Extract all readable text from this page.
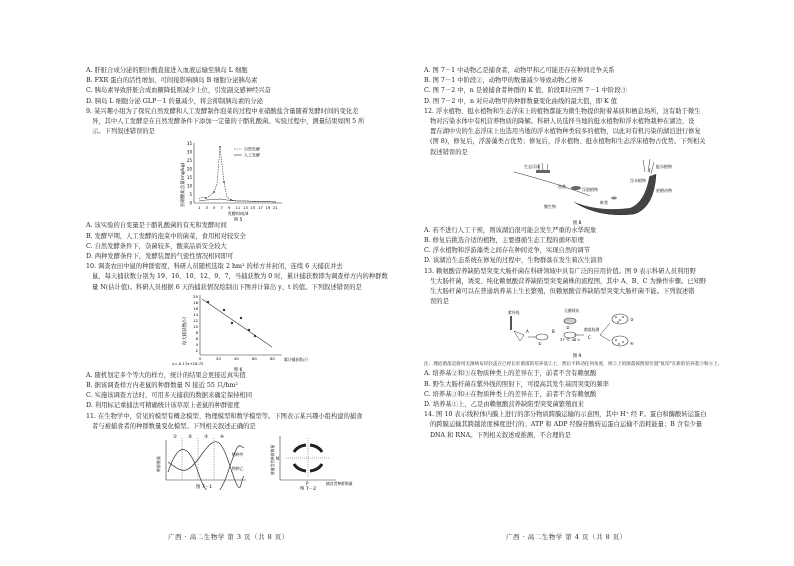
A. 肝脏合成分泌的胆汁酸直接进入血液运输至胰岛 L 细胞
B. FXR 蛋白的活性增加，可间接影响胰岛 B 细胞分泌胰岛素
C. 胰岛素导致肝脏合成血糖降低则减少上位，引发副交感神经兴奋
D. 胰岛 L 细胞分泌 GLP－1 的量减少，将会抑制胰岛素的分泌
9. 某兴趣小组为了探究自然发酵和人工发酵制作泡菜的过程中亚硝酸盐含量随着发酵时间的变化差
异，其中人工发酵是在自然发酵条件下添加一定量的干酪乳酸菌。实验过程中，测量结果如图 5 所
示。下列叙述错误的是
亚硝酸盐含量(mg/kg)
35
30
25
20
15
10
5
0
1 3 5 7 9 11 13 15 17 19 21
发酵时间/d
自然发酵
人工发酵
图 5
A. 该实验的自变量是干酪乳酸菌的有无和发酵时间
B. 发酵早期，人工发酵的泡菜中的菌菜，食用相对较安全
C. 自然发酵条件下，杂菌较多，酸菜品质安全较大
D. 两种发酵条件下，发酵装置的气密性情况相同即可
10. 调查农田中鼠的种群密度，科研人员随机选取 2 hm² 的样方并封闭，连续 6 天捕获并去
鼠，每天捕获数分别为 19、16、10、12、9、7，当捕获数为 0 时，累计捕获数即为调查样方内的种群数
量 N(估计值)。科研人员根据 6 天的捕获情况绘制出下图并计算出 y、t 的值。下列叙述错误的是
每天捕获数/只
20
18
16
14
12
10
8
6
4
2
0	20	40	60	80 累计捕获数/只
y=-0.17x+18.72
图 6
A. 随机划定多个等大的样方，统计的结果会更接近真实值
B. 据该调查样方内老鼠的种群数量 N 接近 55 只/hm²
C. 实施该调查方法时，可用多天捕获的数据来确定保持相同
D. 利用标记重捕法可精确统计该草原上老鼠的种群密度
11. 在生物学中，常见的模型有概念模型、物理模型和数学模型等。下图表示某兴趣小组构建的捕食
者与被捕食者的种群数量变化模型。下列相关叙述正确的是
种群数量
① ②	③	④
物种甲
物种乙
图 7－1
被捕食者种群数量 N
P	捕食者种群数量
图 7－2
A. 图 7－1 中动物乙是捕食者，动物甲和乙可能还存在种间竞争关系
B. 图 7－1 中阶段②，动物甲的数量减少导致动物乙增多
C. 图 7－2 中，n 是被捕食者种群的 K 值，阶段Ⅱ对应图 7－1 中阶段③
D. 图 7－2 中，n 对应动物甲的种群数量变化曲线的最大值，即 K 值
12. 浮水植物、挺水植物和生态浮床上的植物都能为微生物提供附着基质和栖息场所，这有助于微生
物对污染水体中有机营养物质的降解。科研人员选择当地的挺水植物和浮水植物栽种在湖边，设
置在湖中央的生态浮床上也选用当地的浮水植物种类较多的植物，以此对有机污染的湖泊进行修复
(图 8)，修复后，浮游藻类占优势；修复后，浮水植物、挺水植物和生态浮床植物占优势。下列相关
叙述错误的是
生态浮床	挺水植物
浮水植物
浮游植物
鱼类
蚌类
微生物
底栖动物
图 8
A. 若不进行人工干预，则该湖泊很可能会发生严重的水华现象
B. 修复后挑选合适的植物，主要遵循生态工程的循环原理
C. 浮水植物和浮游藻类之间存在种间竞争，实现自然的调节
D. 该湖泊生态系统在修复的过程中，生物群落在发生着次生演替
13. 赖氨酸营养缺陷型突变大肠杆菌在科研领域中具有广泛的应用价值。图 9 表示科研人员利用野
生大肠杆菌，诱变、纯化赖氨酸营养缺陷型突变菌株的流程图，其中 A、B、C 为操作步骤。已知野
生大肠杆菌可以在普通培养基上生长繁殖，但赖氨酸营养缺陷型突变大肠杆菌不能。下列叙述错
误的是
紫外线	无菌绒布
菌落检测
37 ℃ 48 h
①
②
③
④
A	B
C
图 9
注：理论菌落是接用无菌绒布轻轻盖在已经长好菌落的培养基②上，然后不转动任何角度，将②上的菌落按照原位置"复印"在新的培养基③和④上。
A. 培养基②和③在物质种类上的差异在于，前者不含有赖氨酸
B. 野生大肠杆菌在紫外线的照射下，可提高其发生基因突变的频率
C. 培养基③和④在物质种类上的差异在于，前者不含有赖氨酸
D. 培养基①上，乙是由赖氨酸营养缺陷型突变菌繁殖而来
14. 图 10 表示线粒体内膜上进行的部分物质跨膜运输的示意图，其中 H⁺ 经 F。蛋白和酶酸转运蛋白
的跨膜运输其跨越浓度梯度进行的；ATP 和 ADP 经腺苷酸转运蛋白运输不消耗能量；B 含有少量
DNA 和 RNA。下列相关叙述或推测，不合理的是
广西 · 高二生物学 第 3 页（共 8 页）	广西 · 高二生物学 第 4 页（共 8 页）
